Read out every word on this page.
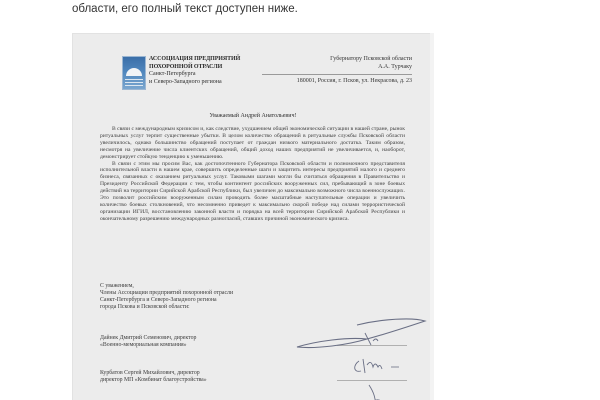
области, его полный текст доступен ниже.
АССОЦИАЦИЯ ПРЕДПРИЯТИЙ
ПОХОРОННОЙ ОТРАСЛИ
Санкт-Петербурга
и Северо-Западного региона
Губернатору Псковской области
А.А. Турчаку
180001, Россия, г. Псков, ул. Некрасова, д. 23
Уважаемый Андрей Анатольевич!

В связи с международным кризисом и, как следствие, ухудшением общей экономической ситуации в нашей стране, рынок ритуальных услуг терпит существенные убытки. В целом количество обращений в ритуальные службы Псковской области увеличилось, однако большинство обращений поступает от граждан низкого материального достатка. Таким образом, несмотря на увеличение числа клиентских обращений, общий доход наших предприятий не увеличивается, и, наоборот, демонстрирует стойкую тенденцию к уменьшению.

В связи с этим мы просим Вас, как достопочтенного Губернатора Псковской области и полномочного представителя исполнительной власти в нашем крае, совершить определенные шаги и защитить интересы предприятий малого и среднего бизнеса, связанных с оказанием ритуальных услуг. Таковыми шагами могли бы считаться обращения в Правительство и Президенту Российской Федерации с тем, чтобы контингент российских вооруженных сил, пребывающий в зоне боевых действий на территории Сирийской Арабской Республики, был увеличен до максимально возможного числа военнослужащих. Это позволит российским вооруженным силам проводить более масштабные наступательные операции и увеличить количество боевых столкновений, что несомненно приведет к максимально скорой победе над силами террористической организации ИГИЛ, восстановлению законной власти и порядка на всей территории Сирийской Арабской Республики и окончательному разрешению международных разногласий, ставших причиной экономического кризиса.

С уважением,
Члены Ассоциации предприятий похоронной отрасли
Санкт-Петербурга и Северо-Западного региона
города Пскова и Псковской области:
Дайнек Дмитрий Семенович, директор
«Военно-мемориальная компания»
Курбатов Сергей Михайлович, директор
директор МП «Комбинат благоустройства»
